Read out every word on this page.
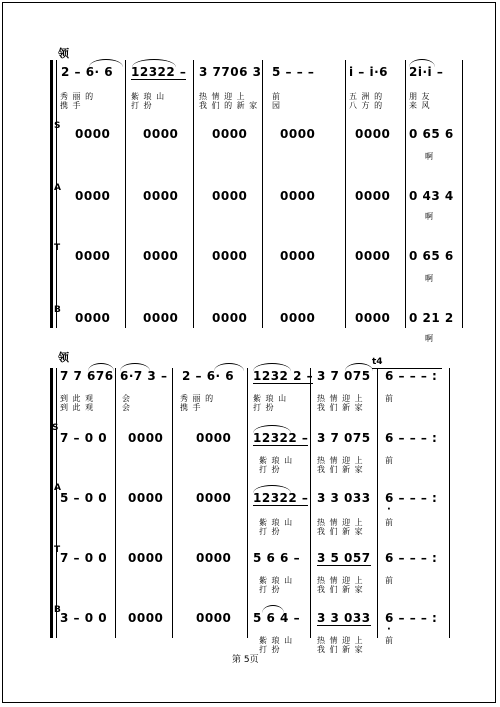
领
2 – 6· 6 12322 – 3 7706 3 5 – – –	i – i·6 2i·i –
秀 丽 的
携 手
紫 琅 山
打 扮
热 情 迎 上
我 们 的 新 家
前
园
五 洲 的
八 方 的
朋 友
来 风
S
0000	0000	0000	0000	0000 0 65 6
啊
A
0000	0000	0000	0000	0000 0 43 4
啊
T
0000	0000	0000	0000	0000 0 65 6
啊
B
0000	0000	0000	0000	0000 0 21 2
啊
领	t4
7 7 676 6·7 3 – 2 – 6· 6 1232 2 – 3 7 075 6 – – – :
到 此 观
到 此 观
会
会
秀 丽 的
携 手
紫 琅 山
打 扮
热 情 迎 上
我 们 新 家
前
S
7 – 0 0 0000	0000 12322 – 3 7 075 6 – – – :
紫 琅 山
打 扮
热 情 迎 上
我 们 新 家
前
A
5 – 0 0 0000	0000 12322 – 3 3 033 6 – – – :
·
紫 琅 山
打 扮
热 情 迎 上
我 们 新 家
前
T
7 – 0 0 0000	0000 5 6 6 – 3 5 057 6 – – – :
紫 琅 山
打 扮
热 情 迎 上
我 们 新 家
前
B
3 – 0 0 0000	0000 5 6 4 – 3 3 033 6 – – – :
·
紫 琅 山
打 扮
热 情 迎 上
我 们 新 家
前
第 5页
